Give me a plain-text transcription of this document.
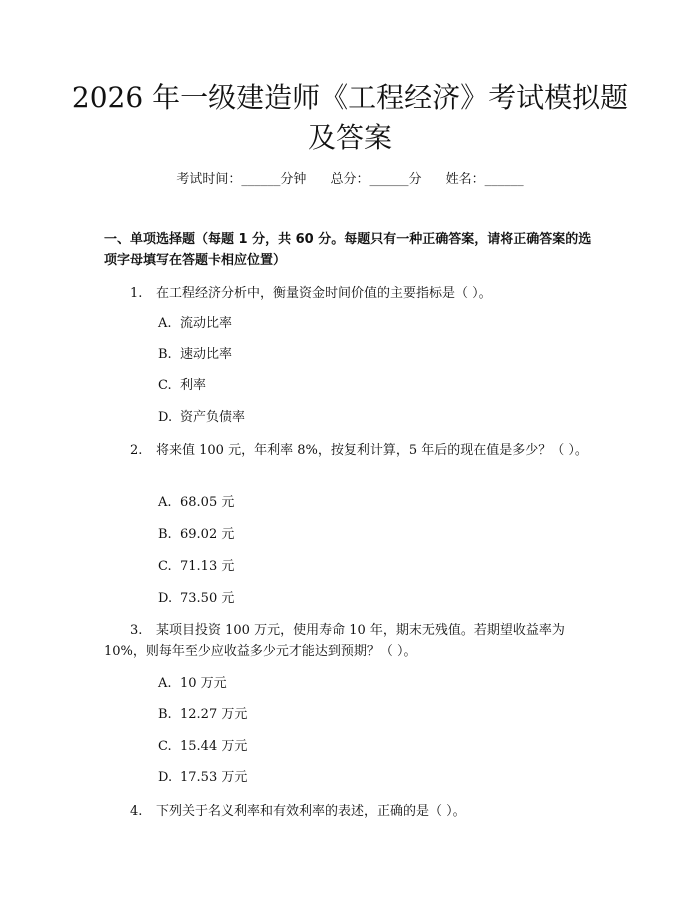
2026 年一级建造师《工程经济》考试模拟题
及答案
考试时间：______分钟 总分：______分 姓名：______
一、单项选择题（每题 1 分，共 60 分。每题只有一种正确答案，请将正确答案的选项字母填写在答题卡相应位置）
1. 在工程经济分析中，衡量资金时间价值的主要指标是（ ）。
A. 流动比率
B. 速动比率
C. 利率
D. 资产负债率
2. 将来值 100 元，年利率 8%，按复利计算，5 年后的现在值是多少？（ ）。
A. 68.05 元
B. 69.02 元
C. 71.13 元
D. 73.50 元
3. 某项目投资 100 万元，使用寿命 10 年，期末无残值。若期望收益率为 10%，则每年至少应收益多少元才能达到预期？（ ）。
A. 10 万元
B. 12.27 万元
C. 15.44 万元
D. 17.53 万元
4. 下列关于名义利率和有效利率的表述，正确的是（ ）。
